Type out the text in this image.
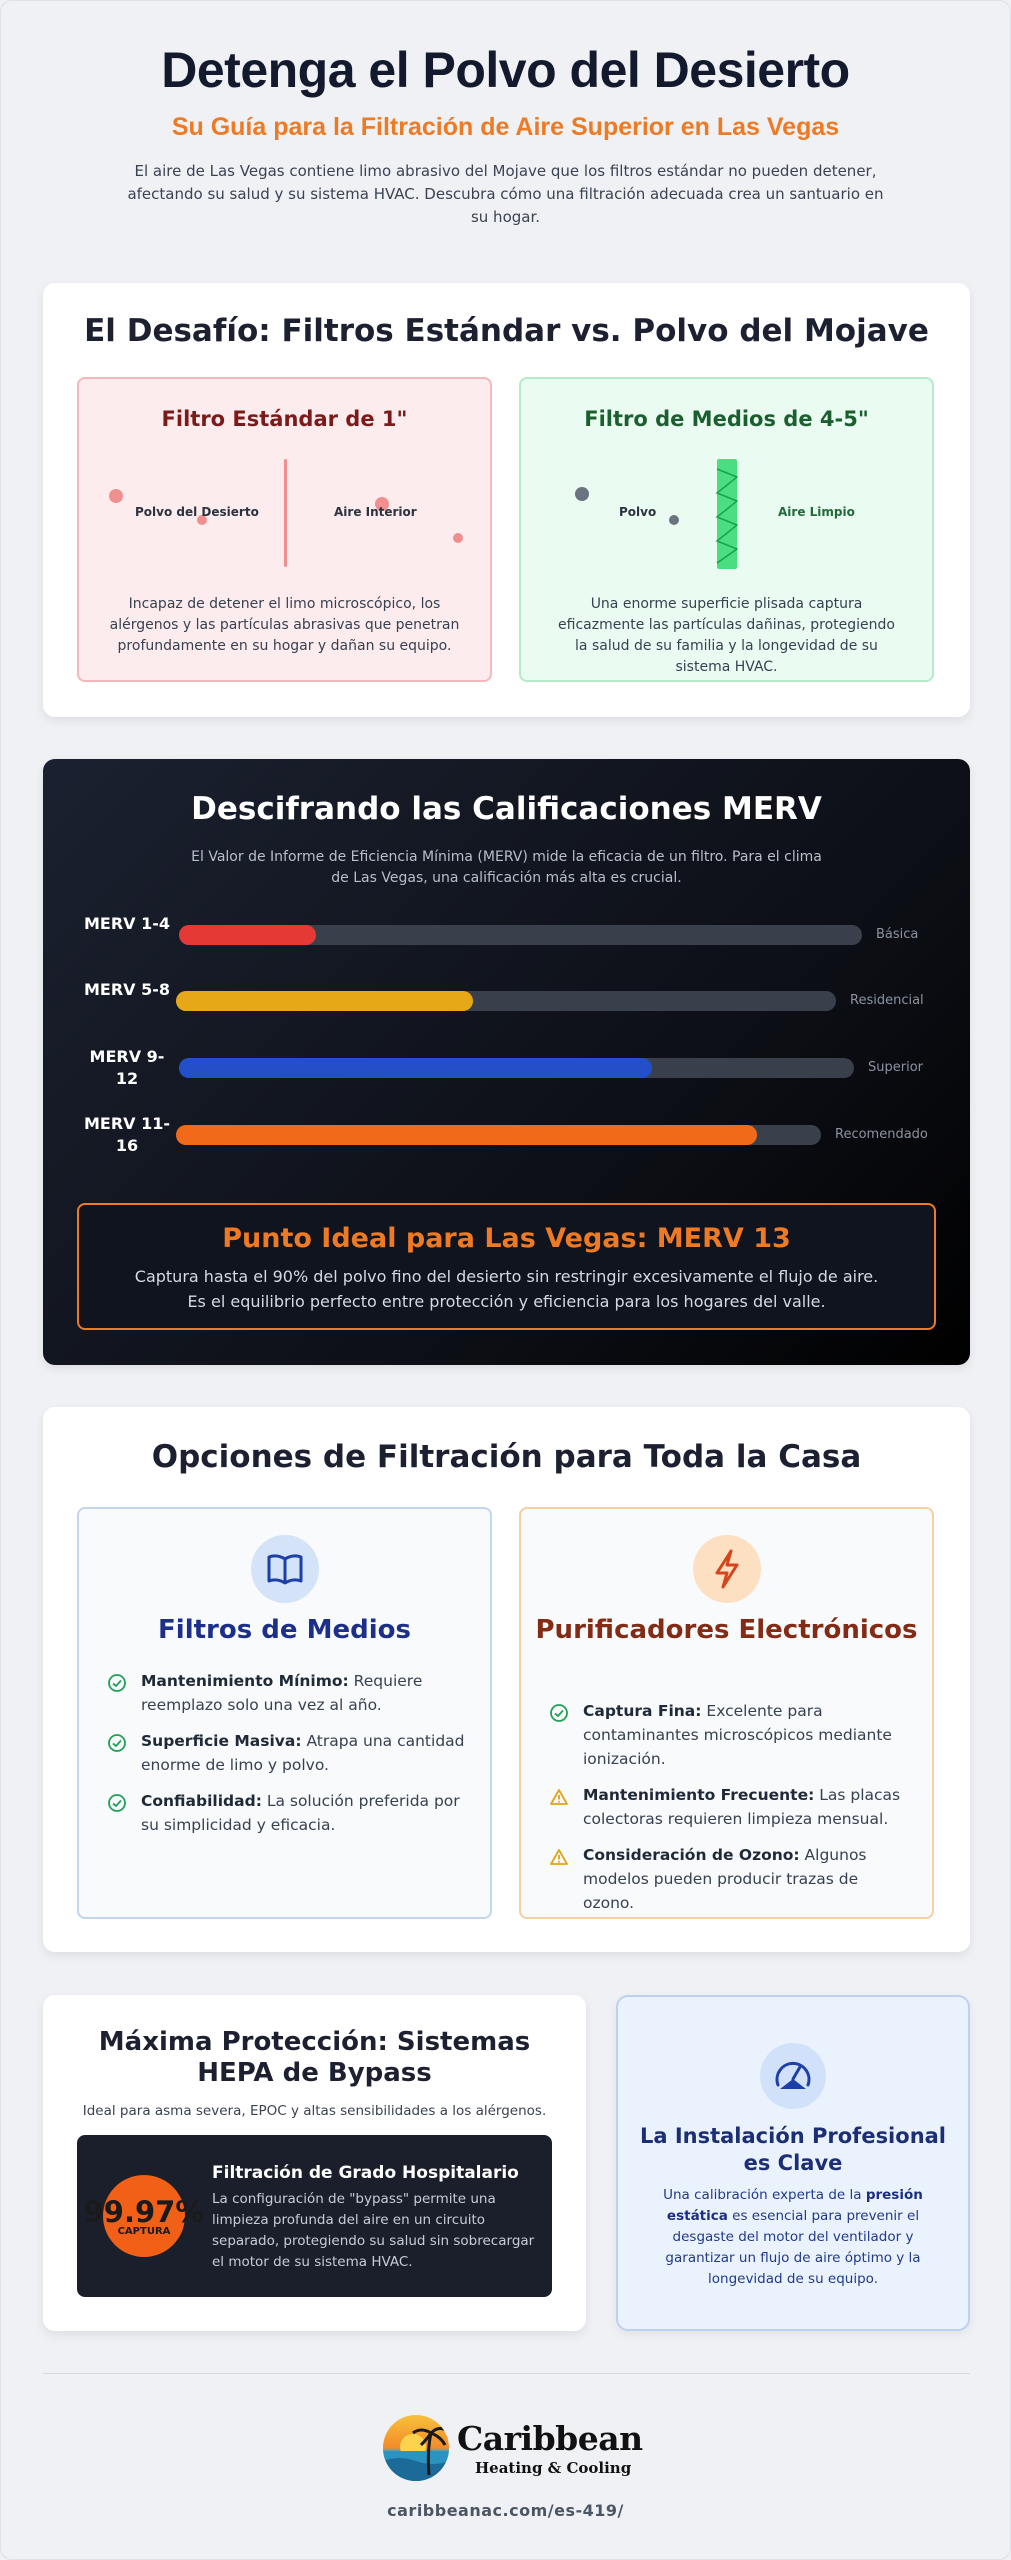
Detenga el Polvo del Desierto
Su Guía para la Filtración de Aire Superior en Las Vegas

El aire de Las Vegas contiene limo abrasivo del Mojave que los filtros estándar no pueden detener, afectando su salud y su sistema HVAC. Descubra cómo una filtración adecuada crea un santuario en su hogar.

El Desafío: Filtros Estándar vs. Polvo del Mojave
Filtro Estándar de 1"
Polvo del Desierto	Aire Interior

Incapaz de detener el limo microscópico, los alérgenos y las partículas abrasivas que penetran profundamente en su hogar y dañan su equipo.

Filtro de Medios de 4-5"
Polvo	Aire Limpio

Una enorme superficie plisada captura eficazmente las partículas dañinas, protegiendo la salud de su familia y la longevidad de su sistema HVAC.

Descifrando las Calificaciones MERV

El Valor de Informe de Eficiencia Mínima (MERV) mide la eficacia de un filtro. Para el clima de Las Vegas, una calificación más alta es crucial.

MERV 1-4
Básica
MERV 5-8
Residencial
MERV 9-12
Superior
MERV 11-16
Recomendado
Punto Ideal para Las Vegas: MERV 13

Captura hasta el 90% del polvo fino del desierto sin restringir excesivamente el flujo de aire. Es el equilibrio perfecto entre protección y eficiencia para los hogares del valle.

Opciones de Filtración para Toda la Casa
Filtros de Medios
Mantenimiento Mínimo: Requiere reemplazo solo una vez al año.
Superficie Masiva: Atrapa una cantidad enorme de limo y polvo.
Confiabilidad: La solución preferida por su simplicidad y eficacia.
Purificadores Electrónicos
Captura Fina: Excelente para contaminantes microscópicos mediante ionización.
Mantenimiento Frecuente: Las placas colectoras requieren limpieza mensual.
Consideración de Ozono: Algunos modelos pueden producir trazas de ozono.
Máxima Protección: Sistemas HEPA de Bypass

Ideal para asma severa, EPOC y altas sensibilidades a los alérgenos.

99.97%
CAPTURA
Filtración de Grado Hospitalario

La configuración de "bypass" permite una limpieza profunda del aire en un circuito separado, protegiendo su salud sin sobrecargar el motor de su sistema HVAC.

La Instalación Profesional es Clave

Una calibración experta de la presión estática es esencial para prevenir el desgaste del motor del ventilador y garantizar un flujo de aire óptimo y la longevidad de su equipo.

Caribbean
Heating & Cooling
caribbeanac.com/es-419/
